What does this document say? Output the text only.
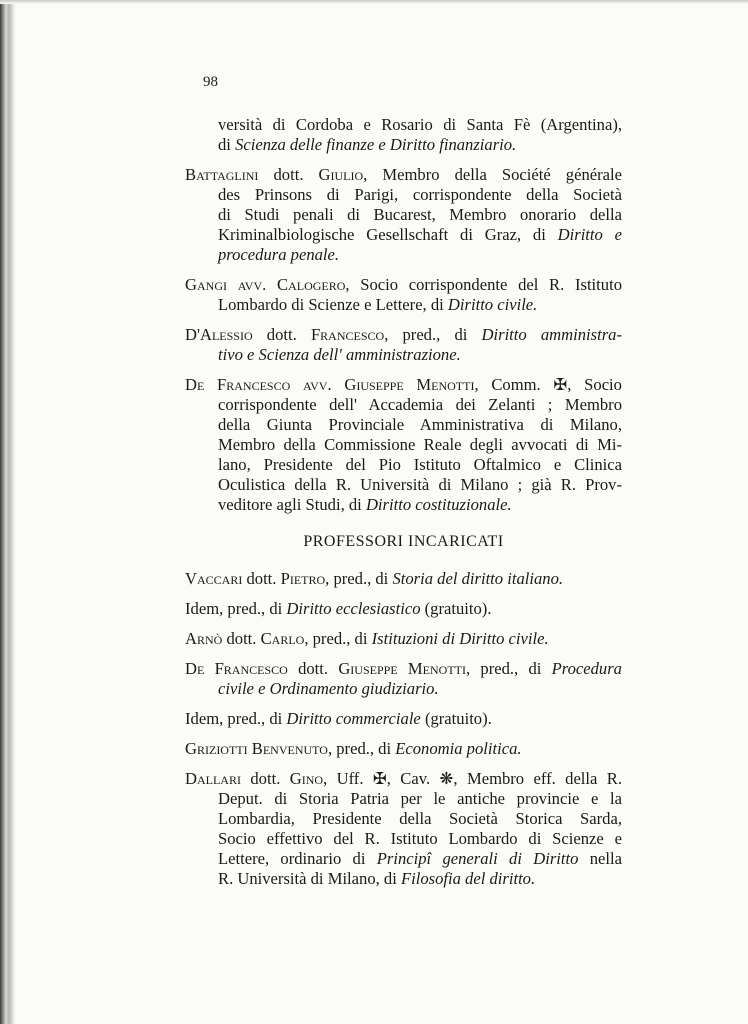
98
versità di Cordoba e Rosario di Santa Fè (Argentina),
di Scienza delle finanze e Diritto finanziario.
Battaglini dott. Giulio, Membro della Société générale
des Prinsons di Parigi, corrispondente della Società
di Studi penali di Bucarest, Membro onorario della
Kriminalbiologische Gesellschaft di Graz, di Diritto e
procedura penale.
Gangi avv. Calogero, Socio corrispondente del R. Istituto
Lombardo di Scienze e Lettere, di Diritto civile.
D'Alessio dott. Francesco, pred., di Diritto amministra-
tivo e Scienza dell' amministrazione.
De Francesco avv. Giuseppe Menotti, Comm. ✠, Socio
corrispondente dell' Accademia dei Zelanti ; Membro
della Giunta Provinciale Amministrativa di Milano,
Membro della Commissione Reale degli avvocati di Mi-
lano, Presidente del Pio Istituto Oftalmico e Clinica
Oculistica della R. Università di Milano ; già R. Prov-
veditore agli Studi, di Diritto costituzionale.
PROFESSORI INCARICATI
Vaccari dott. Pietro, pred., di Storia del diritto italiano.
Idem, pred., di Diritto ecclesiastico (gratuito).
Arnò dott. Carlo, pred., di Istituzioni di Diritto civile.
De Francesco dott. Giuseppe Menotti, pred., di Procedura
civile e Ordinamento giudiziario.
Idem, pred., di Diritto commerciale (gratuito).
Griziotti Benvenuto, pred., di Economia politica.
Dallari dott. Gino, Uff. ✠, Cav. ❋, Membro eff. della R.
Deput. di Storia Patria per le antiche provincie e la
Lombardia, Presidente della Società Storica Sarda,
Socio effettivo del R. Istituto Lombardo di Scienze e
Lettere, ordinario di Principî generali di Diritto nella
R. Università di Milano, di Filosofia del diritto.
